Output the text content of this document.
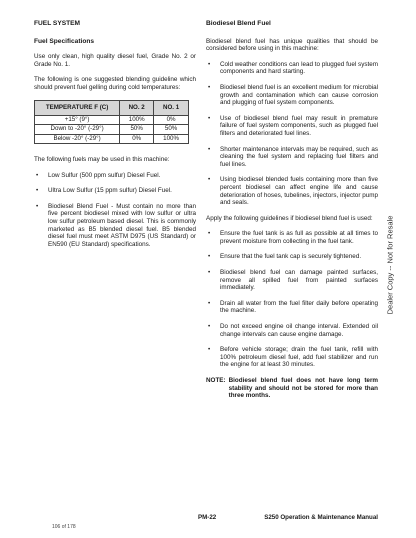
FUEL SYSTEM
Fuel Specifications

Use only clean, high quality diesel fuel, Grade No. 2 or Grade No. 1.

The following is one suggested blending guideline which should prevent fuel gelling during cold temperatures:

TEMPERATURE F (C)	NO. 2	NO. 1
+15° (9°)	100%	0%
Down to -20° (-29°)	50%	50%
Below -20° (-29°)	0%	100%

The following fuels may be used in this machine:

• Low Sulfur (500 ppm sulfur) Diesel Fuel.
• Ultra Low Sulfur (15 ppm sulfur) Diesel Fuel.
• Biodiesel Blend Fuel - Must contain no more than five percent biodiesel mixed with low sulfur or ultra low sulfur petroleum based diesel. This is commonly marketed as B5 blended diesel fuel. B5 blended diesel fuel must meet ASTM D975 (US Standard) or EN590 (EU Standard) specifications.
Biodiesel Blend Fuel

Biodiesel blend fuel has unique qualities that should be considered before using in this machine:

• Cold weather conditions can lead to plugged fuel system components and hard starting.
• Biodiesel blend fuel is an excellent medium for microbial growth and contamination which can cause corrosion and plugging of fuel system components.
• Use of biodiesel blend fuel may result in premature failure of fuel system components, such as plugged fuel filters and deteriorated fuel lines.
• Shorter maintenance intervals may be required, such as cleaning the fuel system and replacing fuel filters and fuel lines.
• Using biodiesel blended fuels containing more than five percent biodiesel can affect engine life and cause deterioration of hoses, tubelines, injectors, injector pump and seals.

Apply the following guidelines if biodiesel blend fuel is used:

• Ensure the fuel tank is as full as possible at all times to prevent moisture from collecting in the fuel tank.
• Ensure that the fuel tank cap is securely tightened.
• Biodiesel blend fuel can damage painted surfaces, remove all spilled fuel from painted surfaces immediately.
• Drain all water from the fuel filter daily before operating the machine.
• Do not exceed engine oil change interval. Extended oil change intervals can cause engine damage.
• Before vehicle storage; drain the fuel tank, refill with 100% petroleum diesel fuel, add fuel stabilizer and run the engine for at least 30 minutes.
NOTE: Biodiesel blend fuel does not have long term stability and should not be stored for more than three months.
Dealer Copy -- Not for Resale
PM-22	S250 Operation & Maintenance Manual
106 of 178
